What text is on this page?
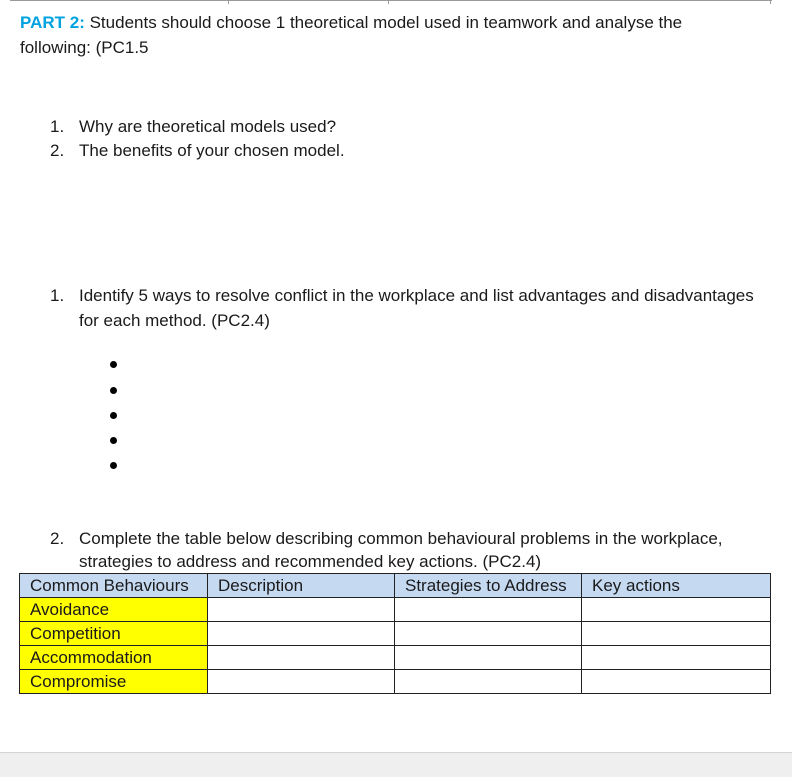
PART 2: Students should choose 1 theoretical model used in teamwork and analyse the
following: (PC1.5
1. Why are theoretical models used?
2. The benefits of your chosen model.
1. Identify 5 ways to resolve conflict in the workplace and list advantages and disadvantages
for each method. (PC2.4)
2. Complete the table below describing common behavioural problems in the workplace,
strategies to address and recommended key actions. (PC2.4)
Common Behaviours	Description	Strategies to Address	Key actions
Avoidance			
Competition			
Accommodation			
Compromise			
